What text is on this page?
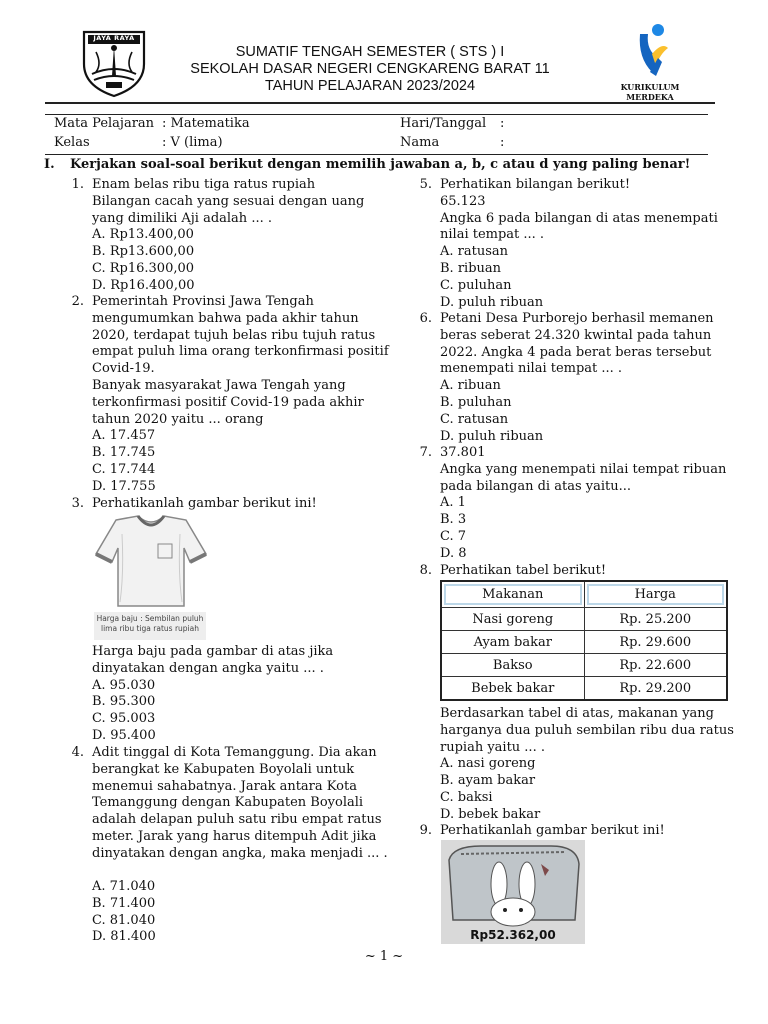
JAYA RAYA
SUMATIF TENGAH SEMESTER ( STS ) I
SEKOLAH DASAR NEGERI CENGKARENG BARAT 11
TAHUN PELAJARAN 2023/2024	KURIKULUM MERDEKA
Mata Pelajaran : Matematika	Hari/Tanggal :
Kelas	: V (lima)	Nama	:
I. Kerjakan soal-soal berikut dengan memilih jawaban a, b, c atau d yang paling benar!
1. Enam belas ribu tiga ratus rupiah
Bilangan cacah yang sesuai dengan uang
yang dimiliki Aji adalah ... .
A. Rp13.400,00
B. Rp13.600,00
C. Rp16.300,00
D. Rp16.400,00
2. Pemerintah Provinsi Jawa Tengah
mengumumkan bahwa pada akhir tahun
2020, terdapat tujuh belas ribu tujuh ratus
empat puluh lima orang terkonfirmasi positif
Covid-19.
Banyak masyarakat Jawa Tengah yang
terkonfirmasi positif Covid-19 pada akhir
tahun 2020 yaitu ... orang
A. 17.457
B. 17.745
C. 17.744
D. 17.755
3. Perhatikanlah gambar berikut ini!
Harga baju : Sembilan puluh
lima ribu tiga ratus rupiah
Harga baju pada gambar di atas jika
dinyatakan dengan angka yaitu ... .
A. 95.030
B. 95.300
C. 95.003
D. 95.400
4. Adit tinggal di Kota Temanggung. Dia akan
berangkat ke Kabupaten Boyolali untuk
menemui sahabatnya. Jarak antara Kota
Temanggung dengan Kabupaten Boyolali
adalah delapan puluh satu ribu empat ratus
meter. Jarak yang harus ditempuh Adit jika
dinyatakan dengan angka, maka menjadi ... .
A. 71.040
B. 71.400
C. 81.040
D. 81.400
5. Perhatikan bilangan berikut!
65.123
Angka 6 pada bilangan di atas menempati
nilai tempat ... .
A. ratusan
B. ribuan
C. puluhan
D. puluh ribuan
6. Petani Desa Purborejo berhasil memanen
beras seberat 24.320 kwintal pada tahun
2022. Angka 4 pada berat beras tersebut
menempati nilai tempat ... .
A. ribuan
B. puluhan
C. ratusan
D. puluh ribuan
7. 37.801
Angka yang menempati nilai tempat ribuan
pada bilangan di atas yaitu...
A. 1
B. 3
C. 7
D. 8
8. Perhatikan tabel berikut!
Makanan	Harga

Nasi goreng	Rp. 25.200
Ayam bakar	Rp. 29.600
Bakso	Rp. 22.600
Bebek bakar	Rp. 29.200
Berdasarkan tabel di atas, makanan yang
harganya dua puluh sembilan ribu dua ratus
rupiah yaitu ... .
A. nasi goreng
B. ayam bakar
C. baksi
D. bebek bakar
9. Perhatikanlah gambar berikut ini!
Rp52.362,00
~ 1 ~
